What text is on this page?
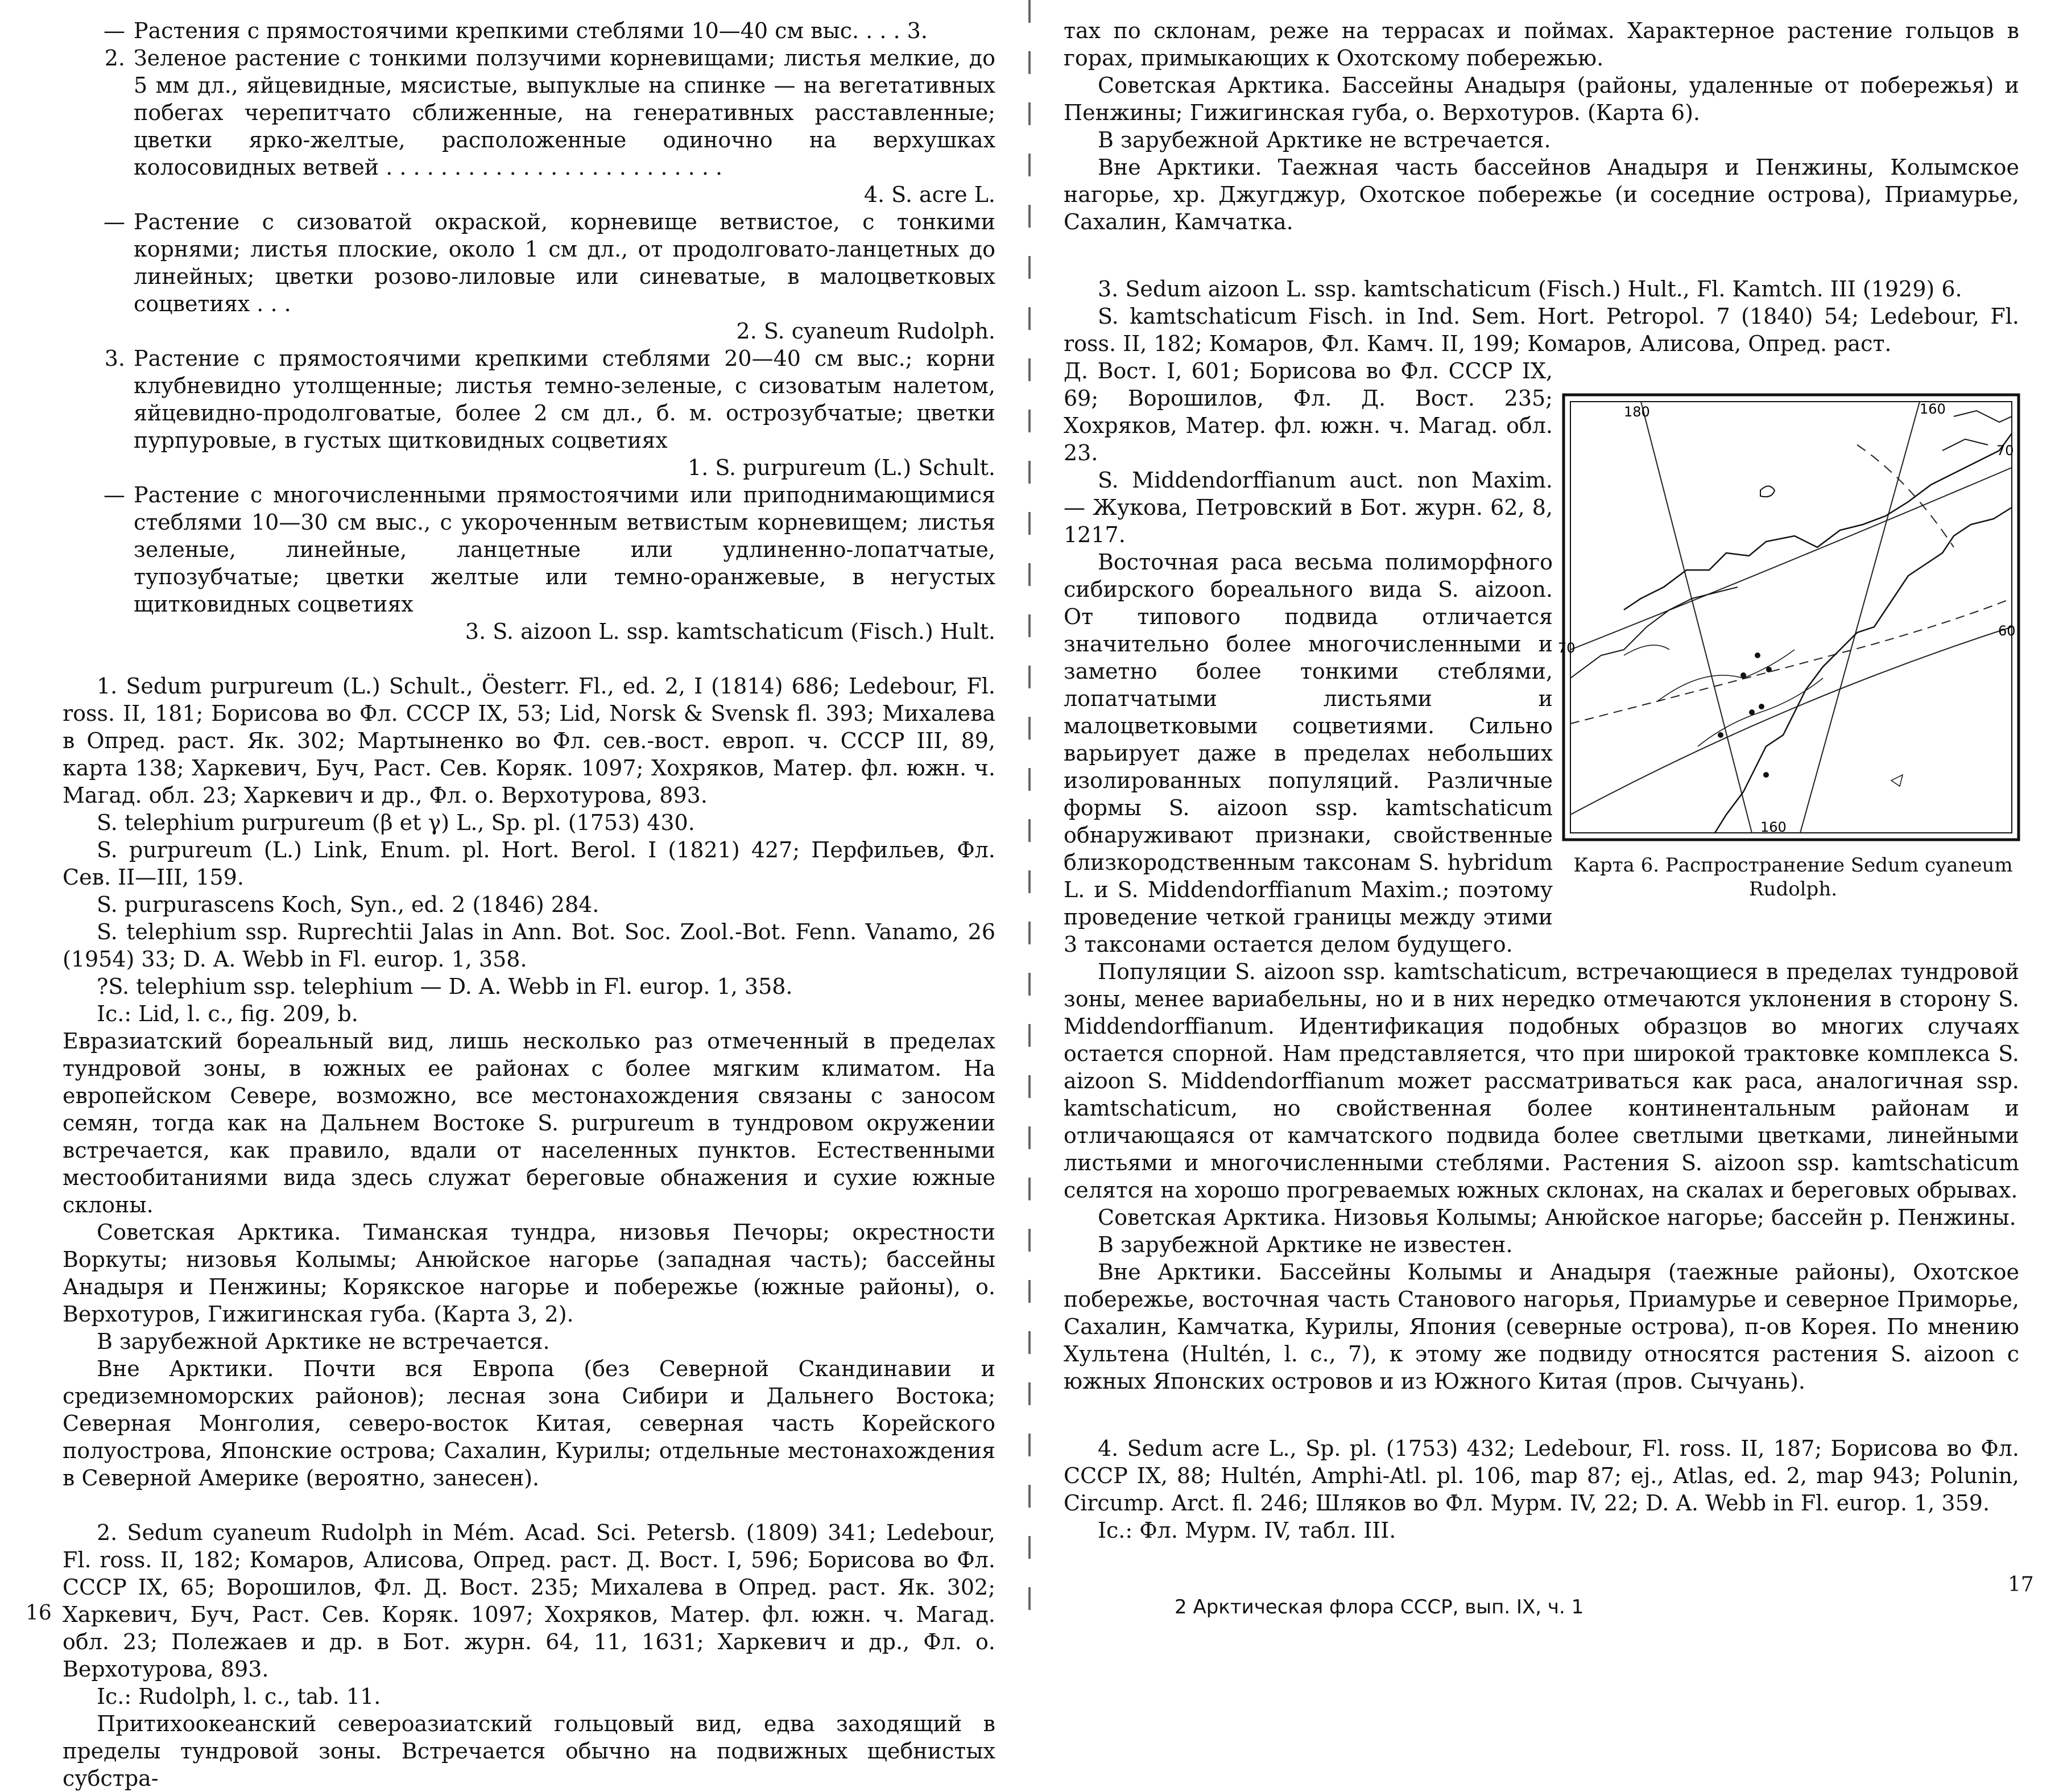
— Растения с прямостоячими крепкими стеблями 10—40 см выс. . . . 3.
2. Зеленое растение с тонкими ползучими корневищами; листья мелкие, до 5 мм дл., яйцевидные, мясистые, выпуклые на спинке — на вегетативных побегах черепитчато сближенные, на генеративных расставленные; цветки ярко-желтые, расположенные одиночно на верхушках колосовидных ветвей . . . . . . . . . . . . . . . . . . . . . . . . .
4. S. acre L.
— Растение с сизоватой окраской, корневище ветвистое, с тонкими корнями; листья плоские, около 1 см дл., от продолговато-ланцетных до линейных; цветки розово-лиловые или синеватые, в малоцветковых соцветиях . . .
2. S. cyaneum Rudolph.
3. Растение с прямостоячими крепкими стеблями 20—40 см выс.; корни клубневидно утолщенные; листья темно-зеленые, с сизоватым налетом, яйцевидно-продолговатые, более 2 см дл., б. м. острозубчатые; цветки пурпуровые, в густых щитковидных соцветиях
1. S. purpureum (L.) Schult.
— Растение с многочисленными прямостоячими или приподнимающимися стеблями 10—30 см выс., с укороченным ветвистым корневищем; листья зеленые, линейные, ланцетные или удлиненно-лопатчатые, тупозубчатые; цветки желтые или темно-оранжевые, в негустых щитковидных соцветиях
3. S. aizoon L. ssp. kamtschaticum (Fisch.) Hult.

1. Sedum purpureum (L.) Schult., Öesterr. Fl., ed. 2, I (1814) 686; Ledebour, Fl. ross. II, 181; Борисова во Фл. СССР IX, 53; Lid, Norsk & Svensk fl. 393; Михалева в Опред. раст. Як. 302; Мартыненко во Фл. сев.-вост. европ. ч. СССР III, 89, карта 138; Харкевич, Буч, Раст. Сев. Коряк. 1097; Хохряков, Матер. фл. южн. ч. Магад. обл. 23; Харкевич и др., Фл. о. Верхотурова, 893.

S. telephium purpureum (β et γ) L., Sp. pl. (1753) 430.

S. purpureum (L.) Link, Enum. pl. Hort. Berol. I (1821) 427; Перфильев, Фл. Сев. II—III, 159.

S. purpurascens Koch, Syn., ed. 2 (1846) 284.

S. telephium ssp. Ruprechtii Jalas in Ann. Bot. Soc. Zool.-Bot. Fenn. Vanamo, 26 (1954) 33; D. A. Webb in Fl. europ. 1, 358.

?S. telephium ssp. telephium — D. A. Webb in Fl. europ. 1, 358.

Ic.: Lid, l. c., fig. 209, b.

Евразиатский бореальный вид, лишь несколько раз отмеченный в пределах тундровой зоны, в южных ее районах с более мягким климатом. На европейском Севере, возможно, все местонахождения связаны с заносом семян, тогда как на Дальнем Востоке S. purpureum в тундровом окружении встречается, как правило, вдали от населенных пунктов. Естественными местообитаниями вида здесь служат береговые обнажения и сухие южные склоны.

Советская Арктика. Тиманская тундра, низовья Печоры; окрестности Воркуты; низовья Колымы; Анюйское нагорье (западная часть); бассейны Анадыря и Пенжины; Корякское нагорье и побережье (южные районы), о. Верхотуров, Гижигинская губа. (Карта 3, 2).

В зарубежной Арктике не встречается.

Вне Арктики. Почти вся Европа (без Северной Скандинавии и средиземноморских районов); лесная зона Сибири и Дальнего Востока; Северная Монголия, северо-восток Китая, северная часть Корейского полуострова, Японские острова; Сахалин, Курилы; отдельные местонахождения в Северной Америке (вероятно, занесен).

2. Sedum cyaneum Rudolph in Mém. Acad. Sci. Petersb. (1809) 341; Ledebour, Fl. ross. II, 182; Комаров, Алисова, Опред. раст. Д. Вост. I, 596; Борисова во Фл. СССР IX, 65; Ворошилов, Фл. Д. Вост. 235; Михалева в Опред. раст. Як. 302; Харкевич, Буч, Раст. Сев. Коряк. 1097; Хохряков, Матер. фл. южн. ч. Магад. обл. 23; Полежаев и др. в Бот. журн. 64, 11, 1631; Харкевич и др., Фл. о. Верхотурова, 893.

Ic.: Rudolph, l. c., tab. 11.

Притихоокеанский североазиатский гольцовый вид, едва заходящий в пределы тундровой зоны. Встречается обычно на подвижных щебнистых субстра-

16

тах по склонам, реже на террасах и поймах. Характерное растение гольцов в горах, примыкающих к Охотскому побережью.

Советская Арктика. Бассейны Анадыря (районы, удаленные от побережья) и Пенжины; Гижигинская губа, о. Верхотуров. (Карта 6).

В зарубежной Арктике не встречается.

Вне Арктики. Таежная часть бассейнов Анадыря и Пенжины, Колымское нагорье, хр. Джугджур, Охотское побережье (и соседние острова), Приамурье, Сахалин, Камчатка.

3. Sedum aizoon L. ssp. kamtschaticum (Fisch.) Hult., Fl. Kamtch. III (1929) 6.

S. kamtschaticum Fisch. in Ind. Sem. Hort. Petropol. 7 (1840) 54; Ledebour, Fl. ross. II, 182; Комаров, Фл. Камч. II, 199; Комаров, Алисова, Опред. раст.

Д. Вост. I, 601; Борисова во Фл. СССР IX, 69; Ворошилов, Фл. Д. Вост. 235; Хохряков, Матер. фл. южн. ч. Магад. обл. 23.

S. Middendorffianum auct. non Maxim. — Жукова, Петровский в Бот. журн. 62, 8, 1217.

Восточная раса весьма полиморфного сибирского бореального вида S. aizoon. От типового подвида отличается значительно более многочисленными и заметно более тонкими стеблями, лопатчатыми листьями и малоцветковыми соцветиями. Сильно варьирует даже в пределах небольших изолированных популяций. Различные формы S. aizoon ssp. kamtschaticum обнаруживают признаки, свойственные близкородственным таксонам S. hybridum L. и S. Middendorffianum Maxim.; поэтому проведение четкой границы между этими 3 таксонами остается делом будущего.

Популяции S. aizoon ssp. kamtschaticum, встречающиеся в пределах тундровой зоны, менее вариабельны, но и в них нередко отмечаются уклонения в сторону S. Middendorffianum. Идентификация подобных образцов во многих случаях остается спорной. Нам представляется, что при широкой трактовке комплекса S. aizoon S. Middendorffianum может рассматриваться как раса, аналогичная ssp. kamtschaticum, но свойственная более континентальным районам и отличающаяся от камчатского подвида более светлыми цветками, линейными листьями и многочисленными стеблями. Растения S. aizoon ssp. kamtschaticum селятся на хорошо прогреваемых южных склонах, на скалах и береговых обрывах.

Советская Арктика. Низовья Колымы; Анюйское нагорье; бассейн р. Пенжины.

В зарубежной Арктике не известен.

Вне Арктики. Бассейны Колымы и Анадыря (таежные районы), Охотское побережье, восточная часть Станового нагорья, Приамурье и северное Приморье, Сахалин, Камчатка, Курилы, Япония (северные острова), п-ов Корея. По мнению Хультена (Hultén, l. c., 7), к этому же подвиду относятся растения S. aizoon с южных Японских островов и из Южного Китая (пров. Сычуань).

4. Sedum acre L., Sp. pl. (1753) 432; Ledebour, Fl. ross. II, 187; Борисова во Фл. СССР IX, 88; Hultén, Amphi-Atl. pl. 106, map 87; ej., Atlas, ed. 2, map 943; Polunin, Circump. Arct. fl. 246; Шляков во Фл. Мурм. IV, 22; D. A. Webb in Fl. europ. 1, 359.

Ic.: Фл. Мурм. IV, табл. III.

180	160
70
70
60
160
Карта 6. Распространение Sedum cyaneum Rudolph.
2 Арктическая флора СССР, вып. IX, ч. 1
17
